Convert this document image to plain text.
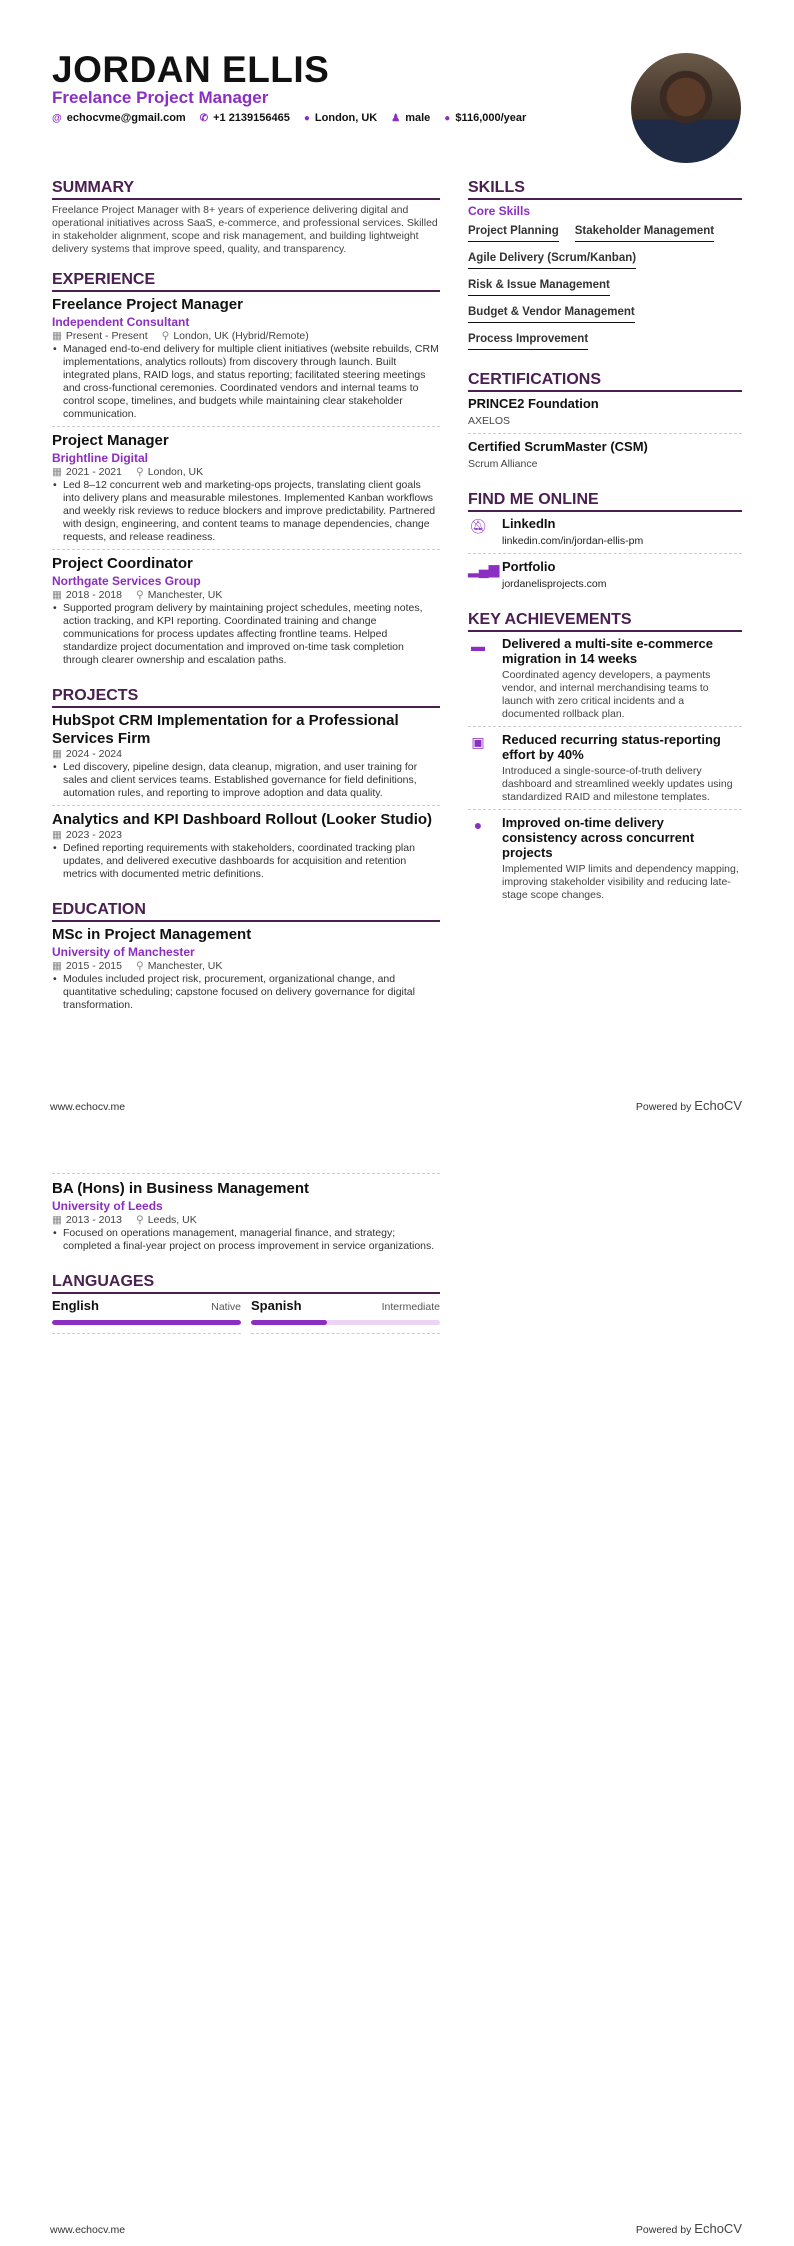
JORDAN ELLIS
Freelance Project Manager
@ echocvme@gmail.com ✆ +1 2139156465 ● London, UK ♟ male ● $116,000/year
SUMMARY
Freelance Project Manager with 8+ years of experience delivering digital and operational initiatives across SaaS, e-commerce, and professional services. Skilled in stakeholder alignment, scope and risk management, and building lightweight delivery systems that improve speed, quality, and transparency.
EXPERIENCE
Freelance Project Manager
Independent Consultant
▦ Present - Present ⚲ London, UK (Hybrid/Remote)
• Managed end-to-end delivery for multiple client initiatives (website rebuilds, CRM implementations, analytics rollouts) from discovery through launch. Built integrated plans, RAID logs, and status reporting; facilitated steering meetings and cross-functional ceremonies. Coordinated vendors and internal teams to control scope, timelines, and budgets while maintaining clear stakeholder communication.
Project Manager
Brightline Digital
▦ 2021 - 2021 ⚲ London, UK
• Led 8–12 concurrent web and marketing-ops projects, translating client goals into delivery plans and measurable milestones. Implemented Kanban workflows and weekly risk reviews to reduce blockers and improve predictability. Partnered with design, engineering, and content teams to manage dependencies, change requests, and release readiness.
Project Coordinator
Northgate Services Group
▦ 2018 - 2018 ⚲ Manchester, UK
• Supported program delivery by maintaining project schedules, meeting notes, action tracking, and KPI reporting. Coordinated training and change communications for process updates affecting frontline teams. Helped standardize project documentation and improved on-time task completion through clearer ownership and escalation paths.
PROJECTS
HubSpot CRM Implementation for a Professional Services Firm
▦ 2024 - 2024
• Led discovery, pipeline design, data cleanup, migration, and user training for sales and client services teams. Established governance for field definitions, automation rules, and reporting to improve adoption and data quality.
Analytics and KPI Dashboard Rollout (Looker Studio)
▦ 2023 - 2023
• Defined reporting requirements with stakeholders, coordinated tracking plan updates, and delivered executive dashboards for acquisition and retention metrics with documented metric definitions.
EDUCATION
MSc in Project Management
University of Manchester
▦ 2015 - 2015 ⚲ Manchester, UK
• Modules included project risk, procurement, organizational change, and quantitative scheduling; capstone focused on delivery governance for digital transformation.
SKILLS
Core Skills
Project Planning Stakeholder Management
Agile Delivery (Scrum/Kanban)
Risk & Issue Management
Budget & Vendor Management
Process Improvement
CERTIFICATIONS
PRINCE2 Foundation
AXELOS
Certified ScrumMaster (CSM)
Scrum Alliance
FIND ME ONLINE
🔕︎ LinkedIn
linkedin.com/in/jordan-ellis-pm
▂▄▆ Portfolio
jordanelisprojects.com
KEY ACHIEVEMENTS
▬ Delivered a multi-site e-commerce migration in 14 weeks
Coordinated agency developers, a payments vendor, and internal merchandising teams to launch with zero critical incidents and a documented rollback plan.
▣ Reduced recurring status-reporting effort by 40%
Introduced a single-source-of-truth delivery dashboard and streamlined weekly updates using standardized RAID and milestone templates.
●	Improved on-time delivery consistency across concurrent projects
Implemented WIP limits and dependency mapping, improving stakeholder visibility and reducing late-stage scope changes.
www.echocv.me	Powered by EchoCV
BA (Hons) in Business Management
University of Leeds
▦ 2013 - 2013 ⚲ Leeds, UK
• Focused on operations management, managerial finance, and strategy; completed a final-year project on process improvement in service organizations.
LANGUAGES
English	Native Spanish	Intermediate
www.echocv.me	Powered by EchoCV
